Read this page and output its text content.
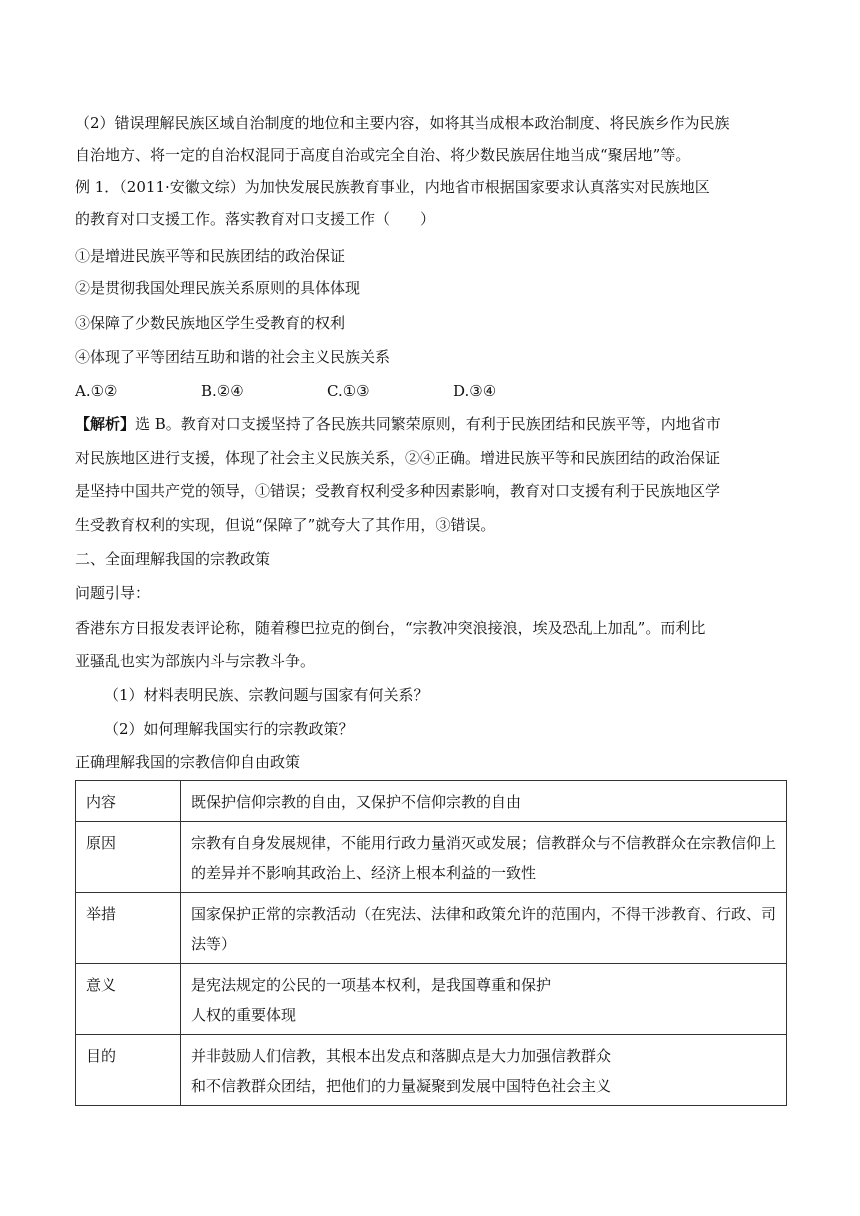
（2）错误理解民族区域自治制度的地位和主要内容，如将其当成根本政治制度、将民族乡作为民族
自治地方、将一定的自治权混同于高度自治或完全自治、将少数民族居住地当成“聚居地”等。
例 1．（2011·安徽文综）为加快发展民族教育事业，内地省市根据国家要求认真落实对民族地区
的教育对口支援工作。落实教育对口支援工作（　　）
①是增进民族平等和民族团结的政治保证
②是贯彻我国处理民族关系原则的具体体现
③保障了少数民族地区学生受教育的权利
④体现了平等团结互助和谐的社会主义民族关系
A.①②	B.②④	C.①③	D.③④
【解析】选 B。教育对口支援坚持了各民族共同繁荣原则，有利于民族团结和民族平等，内地省市
对民族地区进行支援，体现了社会主义民族关系，②④正确。增进民族平等和民族团结的政治保证
是坚持中国共产党的领导，①错误；受教育权利受多种因素影响，教育对口支援有利于民族地区学
生受教育权利的实现，但说“保障了”就夸大了其作用，③错误。
二、全面理解我国的宗教政策
问题引导：
香港东方日报发表评论称，随着穆巴拉克的倒台，“宗教冲突浪接浪，埃及恐乱上加乱”。而利比
亚骚乱也实为部族内斗与宗教斗争。
（1）材料表明民族、宗教问题与国家有何关系？
（2）如何理解我国实行的宗教政策？
正确理解我国的宗教信仰自由政策
内容	既保护信仰宗教的自由，又保护不信仰宗教的自由

原因	宗教有自身发展规律，不能用行政力量消灭或发展；信教群众与不信教群众在宗教信仰上
的差异并不影响其政治上、经济上根本利益的一致性

举措	国家保护正常的宗教活动（在宪法、法律和政策允许的范围内，不得干涉教育、行政、司
法等）

意义	是宪法规定的公民的一项基本权利，是我国尊重和保护
人权的重要体现

目的	并非鼓励人们信教，其根本出发点和落脚点是大力加强信教群众
和不信教群众团结，把他们的力量凝聚到发展中国特色社会主义
